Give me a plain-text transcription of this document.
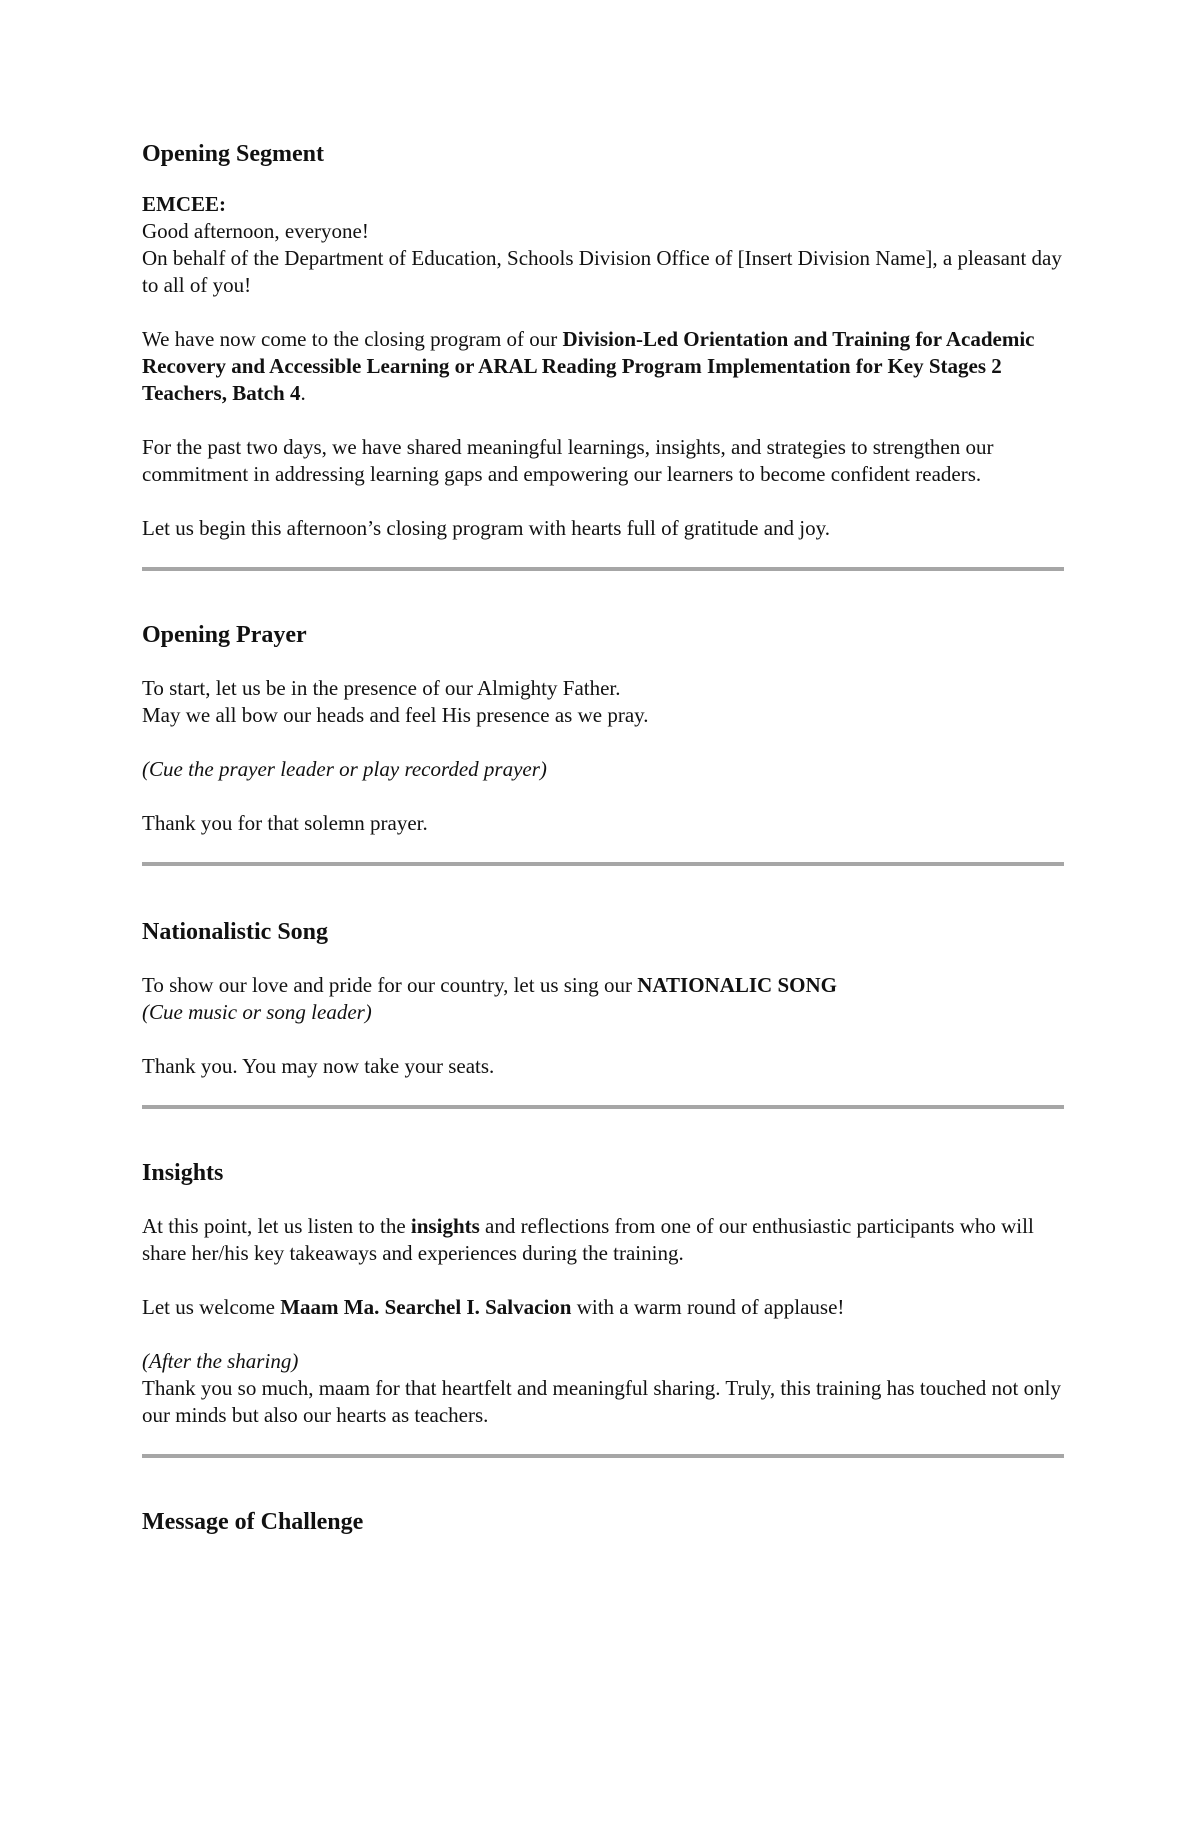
Opening Segment

EMCEE:

Good afternoon, everyone!

On behalf of the Department of Education, Schools Division Office of [Insert Division Name], a pleasant day to all of you!

We have now come to the closing program of our Division-Led Orientation and Training for Academic Recovery and Accessible Learning or ARAL Reading Program Implementation for Key Stages 2 Teachers, Batch 4.

For the past two days, we have shared meaningful learnings, insights, and strategies to strengthen our commitment in addressing learning gaps and empowering our learners to become confident readers.

Let us begin this afternoon’s closing program with hearts full of gratitude and joy.

Opening Prayer

To start, let us be in the presence of our Almighty Father.

May we all bow our heads and feel His presence as we pray.

(Cue the prayer leader or play recorded prayer)

Thank you for that solemn prayer.

Nationalistic Song

To show our love and pride for our country, let us sing our NATIONALIC SONG

(Cue music or song leader)

Thank you. You may now take your seats.

Insights

At this point, let us listen to the insights and reflections from one of our enthusiastic participants who will share her/his key takeaways and experiences during the training.

Let us welcome Maam Ma. Searchel I. Salvacion with a warm round of applause!

(After the sharing)

Thank you so much, maam for that heartfelt and meaningful sharing. Truly, this training has touched not only our minds but also our hearts as teachers.

Message of Challenge
